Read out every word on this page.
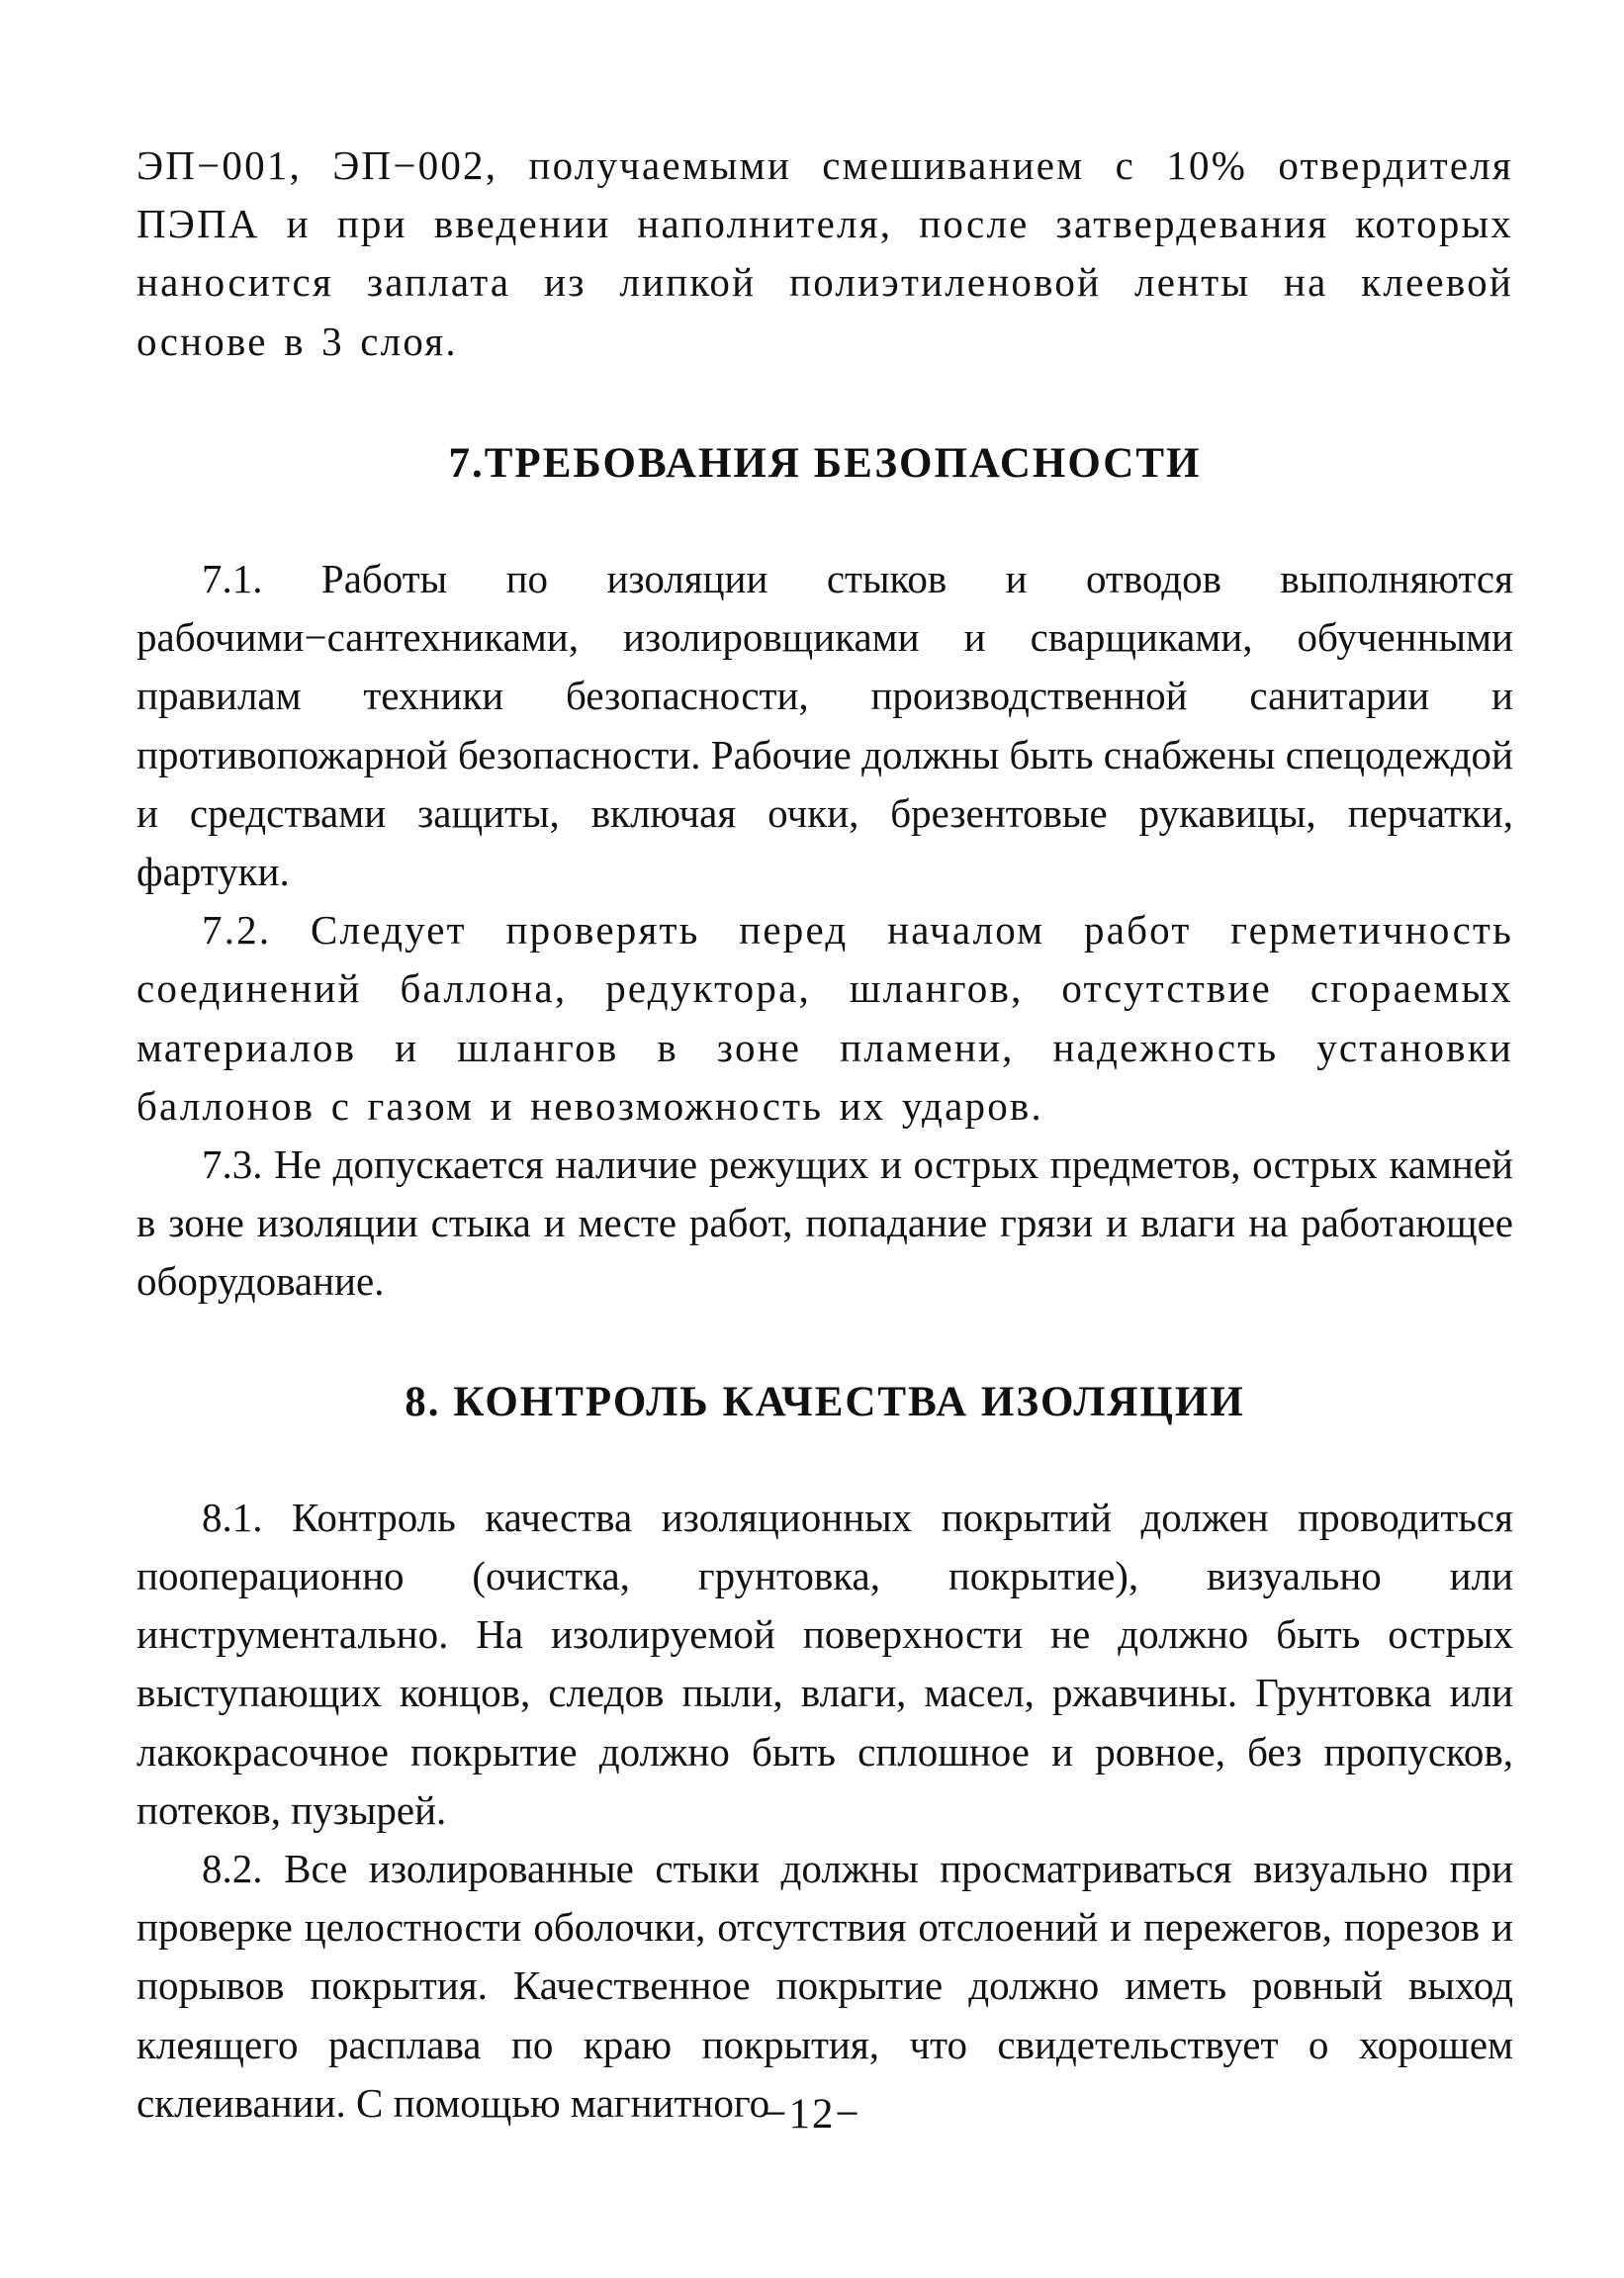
ЭП−001, ЭП−002, получаемыми смешиванием с 10% отвердителя ПЭПА и при введении наполнителя, после затвердевания которых наносится заплата из липкой полиэтиленовой ленты на клеевой основе в 3 слоя.

7.ТРЕБОВАНИЯ БЕЗОПАСНОСТИ

7.1. Работы по изоляции стыков и отводов выполняются рабочими−сантехниками, изолировщиками и сварщиками, обученными правилам техники безопасности, производственной санитарии и противопожарной безопасности. Рабочие должны быть снабжены спецодеждой и средствами защиты, включая очки, брезентовые рукавицы, перчатки, фартуки.

7.2. Следует проверять перед началом работ герметичность соединений баллона, редуктора, шлангов, отсутствие сгораемых материалов и шлангов в зоне пламени, надежность установки баллонов с газом и невозможность их ударов.

7.3. Не допускается наличие режущих и острых предметов, острых камней в зоне изоляции стыка и месте работ, попадание грязи и влаги на работающее оборудование.

8. КОНТРОЛЬ КАЧЕСТВА ИЗОЛЯЦИИ

8.1. Контроль качества изоляционных покрытий должен проводиться пооперационно (очистка, грунтовка, покрытие), визуально или инструментально. На изолируемой поверхности не должно быть острых выступающих концов, следов пыли, влаги, масел, ржавчины. Грунтовка или лакокрасочное покрытие должно быть сплошное и ровное, без пропусков, потеков, пузырей.

8.2. Все изолированные стыки должны просматриваться визуально при проверке целостности оболочки, отсутствия отслоений и пережегов, порезов и порывов покрытия. Качественное покрытие должно иметь ровный выход клеящего расплава по краю покрытия, что свидетельствует о хорошем склеивании. С помощью магнитного

−12−
